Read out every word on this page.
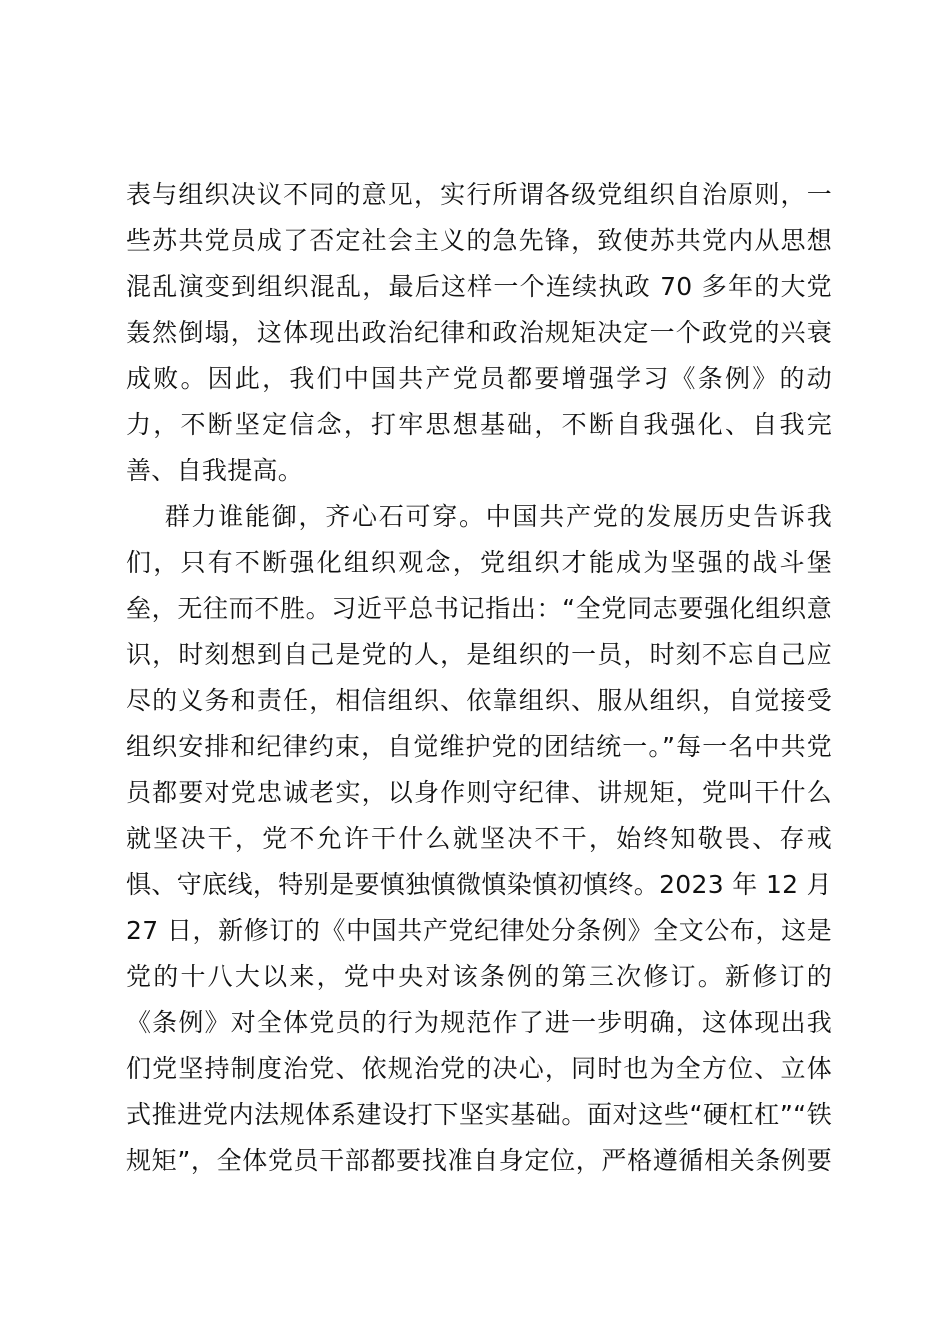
表与组织决议不同的意见，实行所谓各级党组织自治原则，一
些苏共党员成了否定社会主义的急先锋，致使苏共党内从思想
混乱演变到组织混乱，最后这样一个连续执政 70 多年的大党
轰然倒塌，这体现出政治纪律和政治规矩决定一个政党的兴衰
成败。因此，我们中国共产党员都要增强学习《条例》的动
力，不断坚定信念，打牢思想基础，不断自我强化、自我完
善、自我提高。
群力谁能御，齐心石可穿。中国共产党的发展历史告诉我
们，只有不断强化组织观念，党组织才能成为坚强的战斗堡
垒，无往而不胜。习近平总书记指出：“全党同志要强化组织意
识，时刻想到自己是党的人，是组织的一员，时刻不忘自己应
尽的义务和责任，相信组织、依靠组织、服从组织，自觉接受
组织安排和纪律约束，自觉维护党的团结统一。”每一名中共党
员都要对党忠诚老实，以身作则守纪律、讲规矩，党叫干什么
就坚决干，党不允许干什么就坚决不干，始终知敬畏、存戒
惧、守底线，特别是要慎独慎微慎染慎初慎终。2023 年 12 月
27 日，新修订的《中国共产党纪律处分条例》全文公布，这是
党的十八大以来，党中央对该条例的第三次修订。新修订的
《条例》对全体党员的行为规范作了进一步明确，这体现出我
们党坚持制度治党、依规治党的决心，同时也为全方位、立体
式推进党内法规体系建设打下坚实基础。面对这些“硬杠杠”“铁
规矩”，全体党员干部都要找准自身定位，严格遵循相关条例要
